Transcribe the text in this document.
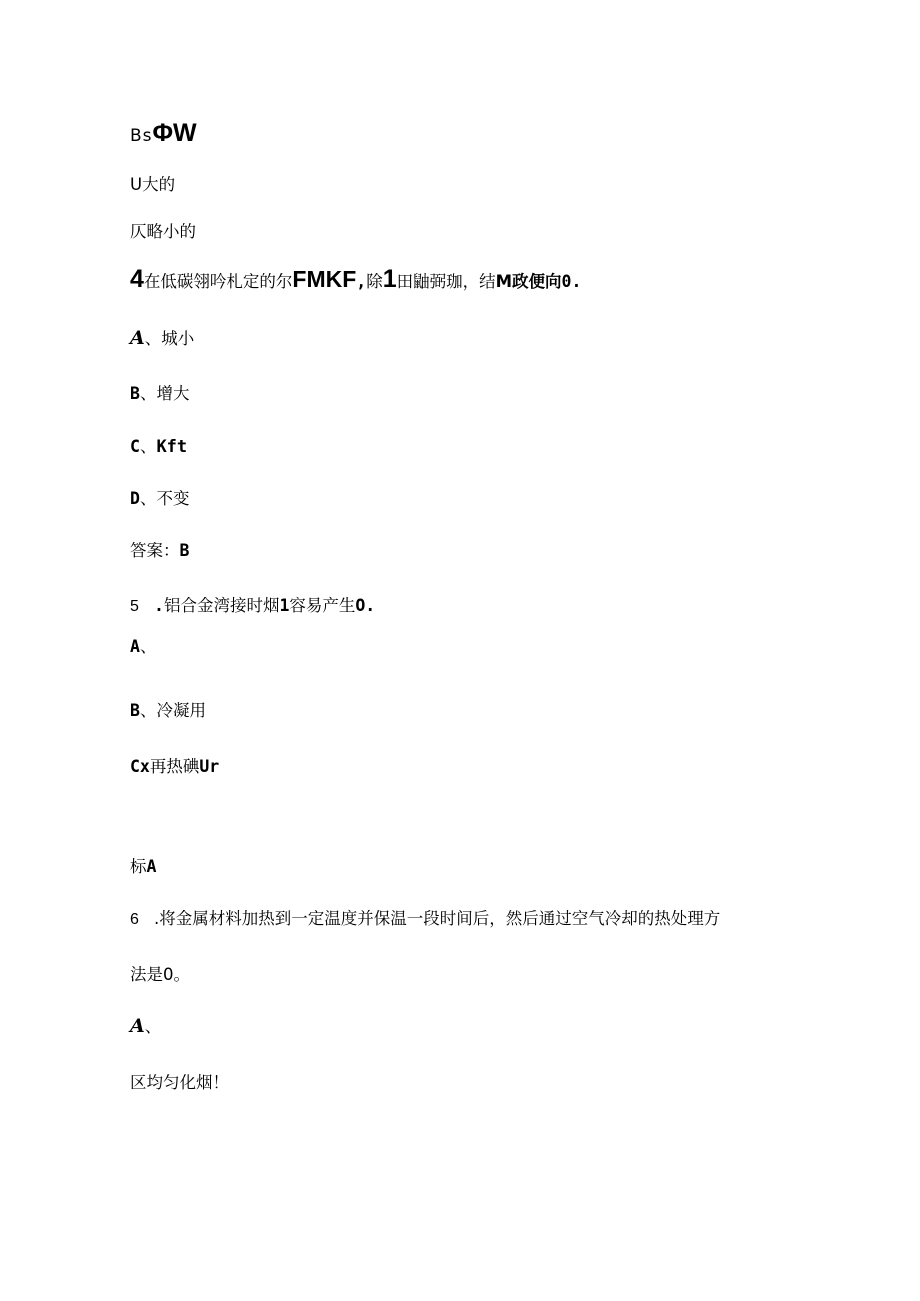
BsΦW
U大的
仄略小的
4在低碳翎吟札定的尔FMKF,除1田鼬弼珈，结M政便向0.
A、城小
B、增大
C、Kft
D、不变
答案：B
5 .铝合金湾接时烟1容易产生O.
A、
B、冷凝用
Cx再热碘Ur
标A
6 .将金属材料加热到一定温度并保温一段时间后，然后通过空气冷却的热处理方
法是0。
A、
区均匀化烟！
